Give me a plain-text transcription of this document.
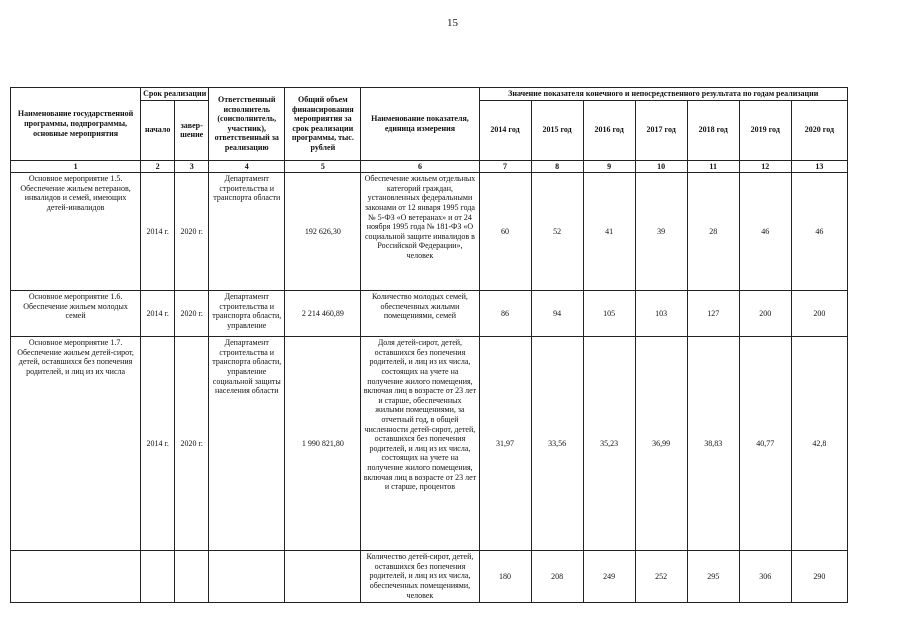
15
Наименование государственной программы, подпрограммы, основные мероприятия	Срок реализации		Ответственный исполнитель (соисполнитель, участник), ответственный за реализацию	Общий объем финансирования мероприятия за срок реализации программы, тыс. рублей	Наименование показателя, единица измерения	Значение показателя конечного и непосредственного результата по годам реализации						
	начало	завер-шение				2014 год	2015 год	2016 год	2017 год	2018 год	2019 год	2020 год
1	2	3	4	5	6	7	8	9	10	11	12	13
Основное мероприятие 1.5.
Обеспечение жильем ветеранов, инвалидов и семей, имеющих детей-инвалидов	2014 г.	2020 г.	Департамент строительства и транспорта области	192 626,30	Обеспечение жильем отдельных категорий граждан, установленных федеральными законами от 12 января 1995 года № 5-ФЗ «О ветеранах» и от 24 ноября 1995 года № 181-ФЗ «О социальной защите инвалидов в Российской Федерации», человек	60	52	41	39	28	46	46
Основное мероприятие 1.6.
Обеспечение жильем молодых семей	2014 г.	2020 г.	Департамент строительства и транспорта области, управление	2 214 460,89	Количество молодых семей, обеспеченных жилыми помещениями, семей	86	94	105	103	127	200	200
Основное мероприятие 1.7.
Обеспечение жильем детей-сирот, детей, оставшихся без попечения родителей, и лиц из их числа	2014 г.	2020 г.	Департамент строительства и транспорта области, управление социальной защиты населения области	1 990 821,80	Доля детей-сирот, детей, оставшихся без попечения родителей, и лиц из их числа, состоящих на учете на получение жилого помещения, включая лиц в возрасте от 23 лет и старше, обеспеченных жилыми помещениями, за отчетный год, в общей численности детей-сирот, детей, оставшихся без попечения родителей, и лиц из их числа, состоящих на учете на получение жилого помещения, включая лиц в возрасте от 23 лет и старше, процентов	31,97	33,56	35,23	36,99	38,83	40,77	42,8
					Количество детей-сирот, детей, оставшихся без попечения родителей, и лиц из их числа, обеспеченных помещениями, человек	180	208	249	252	295	306	290
